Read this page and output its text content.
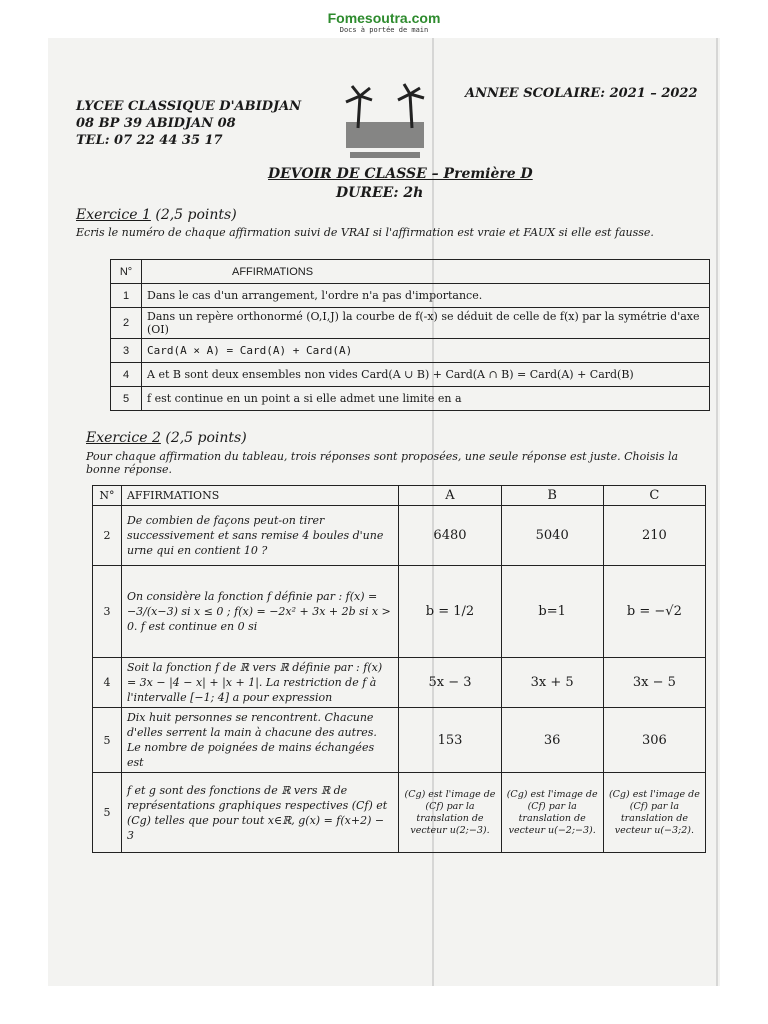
Fomesoutra.com
Docs à portée de main
LYCEE CLASSIQUE D'ABIDJAN
08 BP 39 ABIDJAN 08
TEL: 07 22 44 35 17
ANNEE SCOLAIRE: 2021 – 2022
DEVOIR DE CLASSE – Première D
DUREE: 2h
Exercice 1 (2,5 points)
Ecris le numéro de chaque affirmation suivi de VRAI si l'affirmation est vraie et FAUX si elle est fausse.
N°	AFFIRMATIONS
1	Dans le cas d'un arrangement, l'ordre n'a pas d'importance.
2	Dans un repère orthonormé (O,I,J) la courbe de f(-x) se déduit de celle de f(x) par la symétrie d'axe (OI)
3	Card(A × A) = Card(A) + Card(A)
4	A et B sont deux ensembles non vides Card(A ∪ B) + Card(A ∩ B) = Card(A) + Card(B)
5	f est continue en un point a si elle admet une limite en a
Exercice 2 (2,5 points)
Pour chaque affirmation du tableau, trois réponses sont proposées, une seule réponse est juste. Choisis la bonne réponse.
N°	AFFIRMATIONS	A	B	C
2	De combien de façons peut-on tirer successivement et sans remise 4 boules d'une urne qui en contient 10 ?	6480	5040	210
3	On considère la fonction f définie par : f(x) = −3/(x−3) si x ≤ 0 ; f(x) = −2x² + 3x + 2b si x > 0. f est continue en 0 si	b = 1/2	b=1	b = −√2
4	Soit la fonction f de ℝ vers ℝ définie par : f(x) = 3x − |4 − x| + |x + 1|. La restriction de f à l'intervalle [−1; 4] a pour expression	5x − 3	3x + 5	3x − 5
5	Dix huit personnes se rencontrent. Chacune d'elles serrent la main à chacune des autres. Le nombre de poignées de mains échangées est	153	36	306
5	f et g sont des fonctions de ℝ vers ℝ de représentations graphiques respectives (Cf) et (Cg) telles que pour tout x∈ℝ, g(x) = f(x+2) − 3	(Cg) est l'image de (Cf) par la translation de vecteur u(2;−3).	(Cg) est l'image de (Cf) par la translation de vecteur u(−2;−3).	(Cg) est l'image de (Cf) par la translation de vecteur u(−3;2).
